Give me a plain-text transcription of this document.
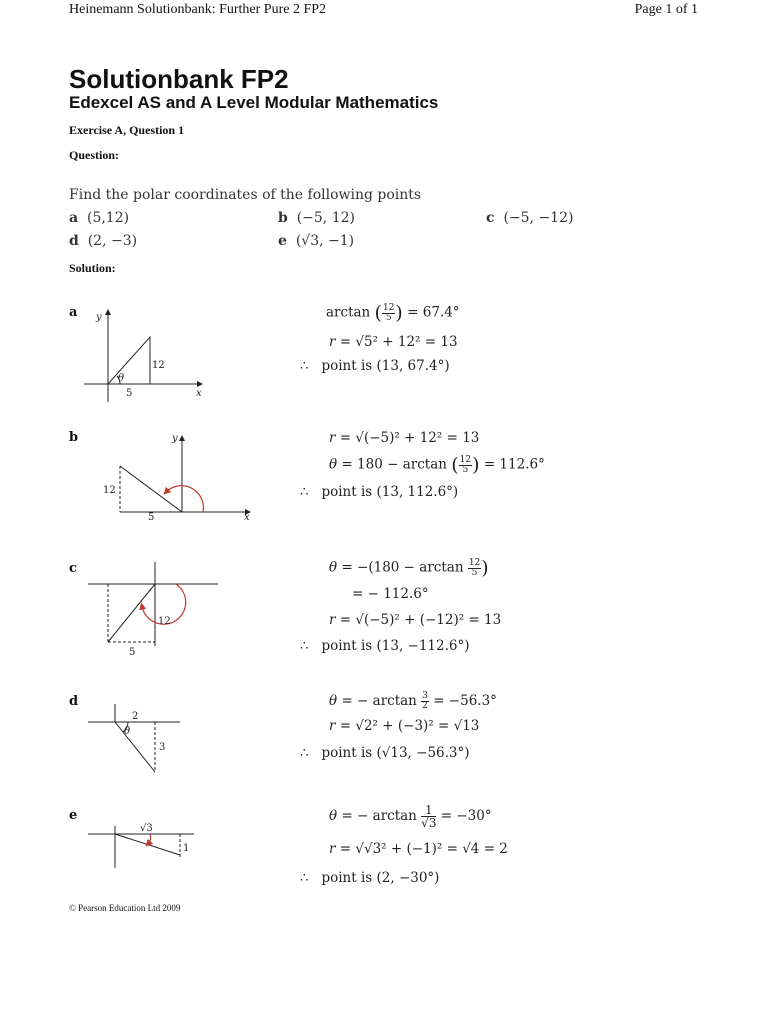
Heinemann Solutionbank: Further Pure 2 FP2	Page 1 of 1
Solutionbank FP2
Edexcel AS and A Level Modular Mathematics
Exercise A, Question 1
Question:
Find the polar coordinates of the following points
a (5,12)	b (−5, 12)	c (−5, −12)
d (2, −3)	e (√3, −1)
Solution:
a
b
c
d
e
y
x
12
5
θ
y
x
12
5
12
5
2
3
θ
√3
1
arctan ( $\frac{12}{5}$ ) = 67.4°
r = √5² + 12² = 13
∴ point is (13, 67.4°)
r = √(−5)² + 12² = 13
θ = 180 − arctan ( $\frac{12}{5}$ ) = 112.6°
∴ point is (13, 112.6°)
$\theta = -(180 - \arctan \frac{12}{5}$ )
= − 112.6°
r = √(−5)² + (−12)² = 13
∴ point is (13, −112.6°)
θ = − $\arctan \frac{3}{2} = -56.3^\circ$
r = √2² + (−3)² = √13
∴ point is (√13, −56.3°)
θ = − $\arctan \frac{1}{√3} = -30^\circ$
r = √√3² + (−1)² = √4 = 2
∴ point is (2, −30°)
© Pearson Education Ltd 2009
